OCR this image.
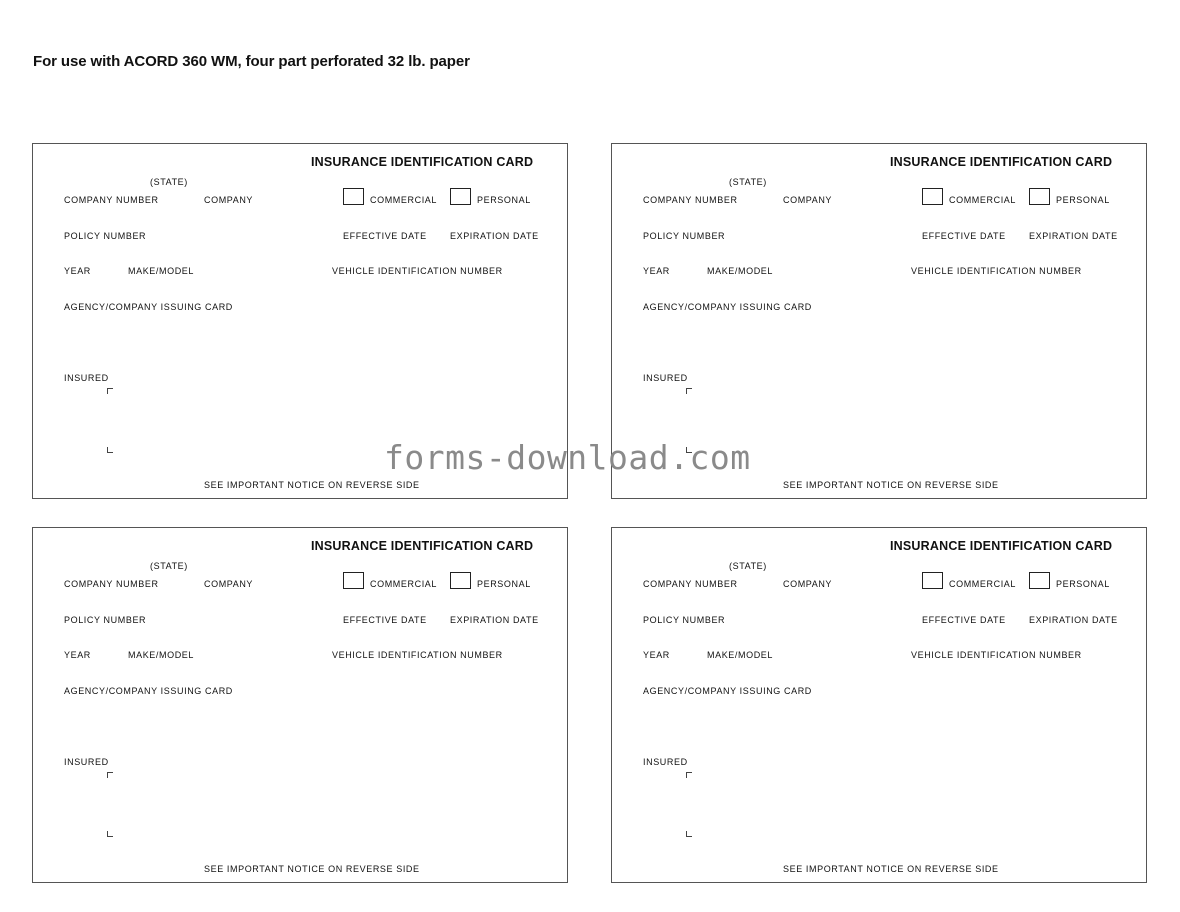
For use with ACORD 360 WM, four part perforated 32 lb. paper
INSURANCE IDENTIFICATION CARD
(STATE)
COMPANY NUMBER	COMPANY	COMMERCIAL	PERSONAL
POLICY NUMBER	EFFECTIVE DATE	EXPIRATION DATE
YEAR	MAKE/MODEL	VEHICLE IDENTIFICATION NUMBER
AGENCY/COMPANY ISSUING CARD
INSURED
SEE IMPORTANT NOTICE ON REVERSE SIDE
INSURANCE IDENTIFICATION CARD
(STATE)
COMPANY NUMBER	COMPANY	COMMERCIAL	PERSONAL
POLICY NUMBER	EFFECTIVE DATE	EXPIRATION DATE
YEAR	MAKE/MODEL	VEHICLE IDENTIFICATION NUMBER
AGENCY/COMPANY ISSUING CARD
INSURED
SEE IMPORTANT NOTICE ON REVERSE SIDE
INSURANCE IDENTIFICATION CARD
(STATE)
COMPANY NUMBER	COMPANY	COMMERCIAL	PERSONAL
POLICY NUMBER	EFFECTIVE DATE	EXPIRATION DATE
YEAR	MAKE/MODEL	VEHICLE IDENTIFICATION NUMBER
AGENCY/COMPANY ISSUING CARD
INSURED
SEE IMPORTANT NOTICE ON REVERSE SIDE
INSURANCE IDENTIFICATION CARD
(STATE)
COMPANY NUMBER	COMPANY	COMMERCIAL	PERSONAL
POLICY NUMBER	EFFECTIVE DATE	EXPIRATION DATE
YEAR	MAKE/MODEL	VEHICLE IDENTIFICATION NUMBER
AGENCY/COMPANY ISSUING CARD
INSURED
SEE IMPORTANT NOTICE ON REVERSE SIDE
forms-download.com
